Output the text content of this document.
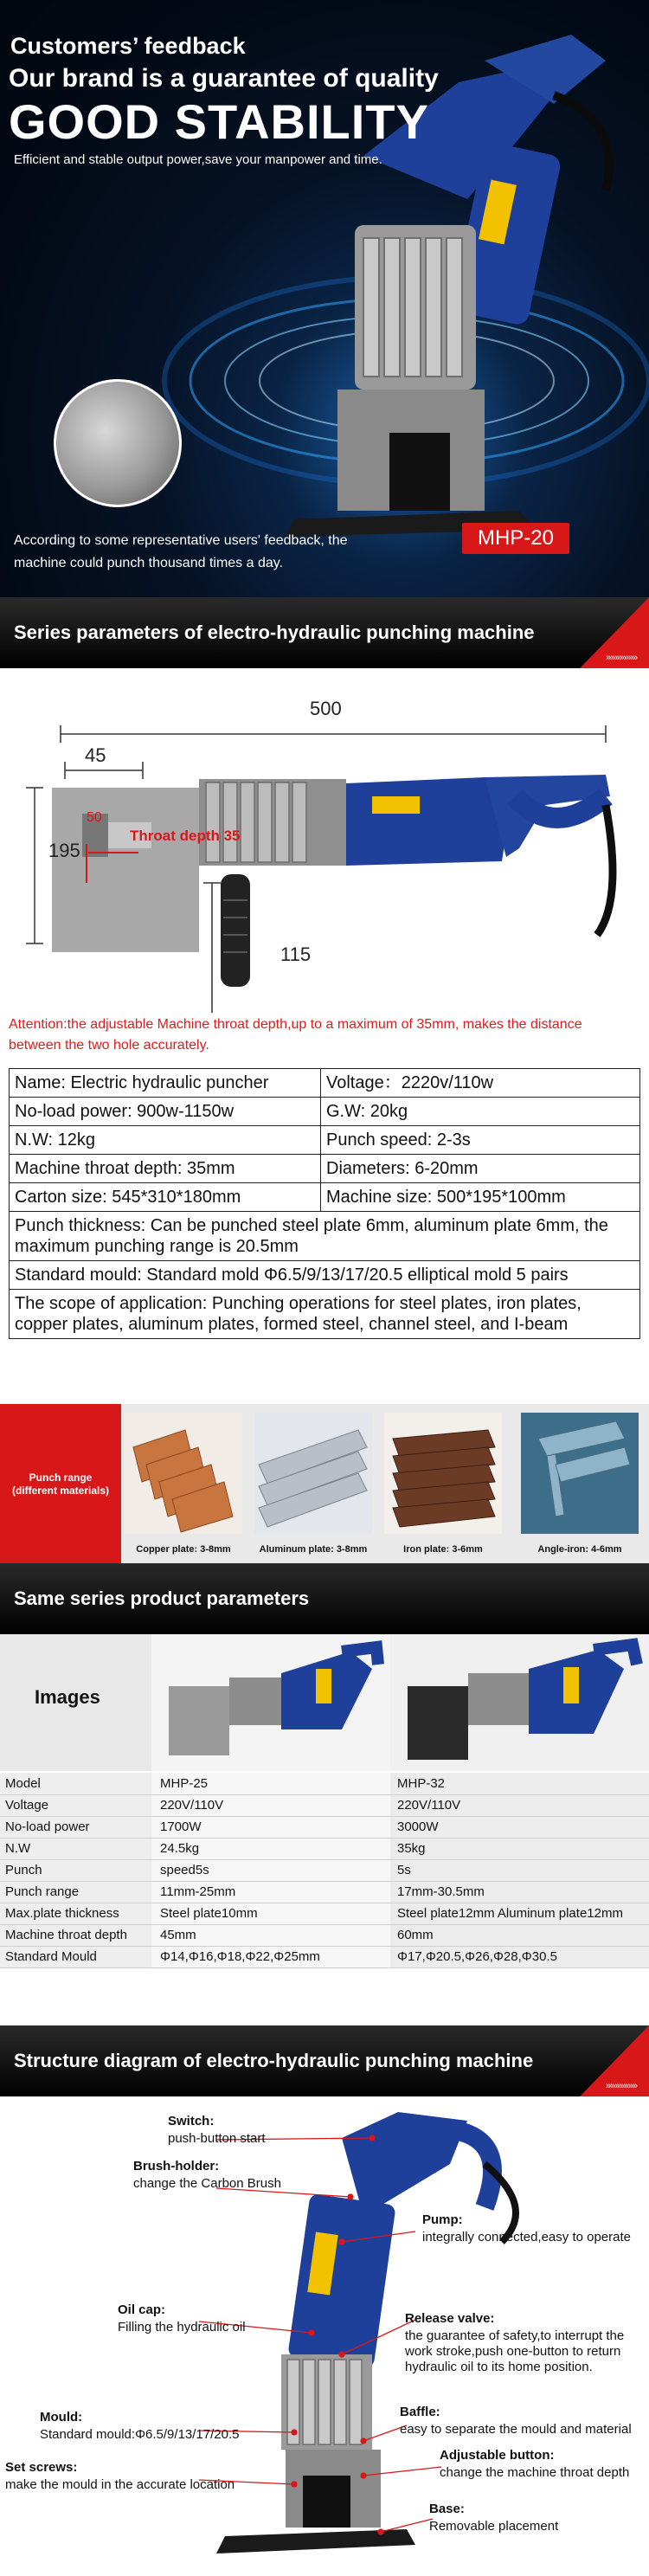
Customers’ feedback
Our brand is a guarantee of quality
GOOD STABILITY
Efficient and stable output power,save your manpower and time.
According to some representative users' feedback, the machine could punch thousand times a day.
MHP-20
Series parameters of electro-hydraulic punching machine
»»»»»»»
500
45
195
115
50
Throat depth 35
Attention:the adjustable Machine throat depth,up to a maximum of 35mm, makes the distance between the two hole accurately.
Name: Electric hydraulic puncher	Voltage：2220v/110w
No-load power: 900w-1150w	G.W: 20kg
N.W: 12kg	Punch speed: 2-3s
Machine throat depth: 35mm	Diameters: 6-20mm
Carton size: 545*310*180mm	Machine size: 500*195*100mm
Punch thickness: Can be punched steel plate 6mm, aluminum plate 6mm, the maximum punching range is 20.5mm	
Standard mould: Standard mold Φ6.5/9/13/17/20.5 elliptical mold 5 pairs	
The scope of application: Punching operations for steel plates, iron plates, copper plates, aluminum plates, formed steel, channel steel, and I-beam	
Punch range (different materials)
Copper plate: 3-8mm	Aluminum plate: 3-8mm	Iron plate: 3-6mm	Angle-iron: 4-6mm
Same series product parameters
Images
Model	MHP-25	MHP-32
Voltage	220V/110V	220V/110V
No-load power	1700W	3000W
N.W	24.5kg	35kg
Punch	speed5s	5s
Punch range	11mm-25mm	17mm-30.5mm
Max.plate thickness	Steel plate10mm	Steel plate12mm Aluminum plate12mm
Machine throat depth	45mm	60mm
Standard Mould	Φ14,Φ16,Φ18,Φ22,Φ25mm	Φ17,Φ20.5,Φ26,Φ28,Φ30.5
Structure diagram of electro-hydraulic punching machine
»»»»»»»
Switch:
push-button start
Brush-holder:
change the Carbon Brush
Pump:
integrally connected,easy to operate
Oil cap:
Filling the hydraulic oil
Release valve:
the guarantee of safety,to interrupt the work stroke,push one-button to return hydraulic oil to its home position.
Mould:
Standard mould:Φ6.5/9/13/17/20.5
Baffle:
easy to separate the mould and material
Adjustable button:
change the machine throat depth
Set screws:
make the mould in the accurate location
Base:
Removable placement
